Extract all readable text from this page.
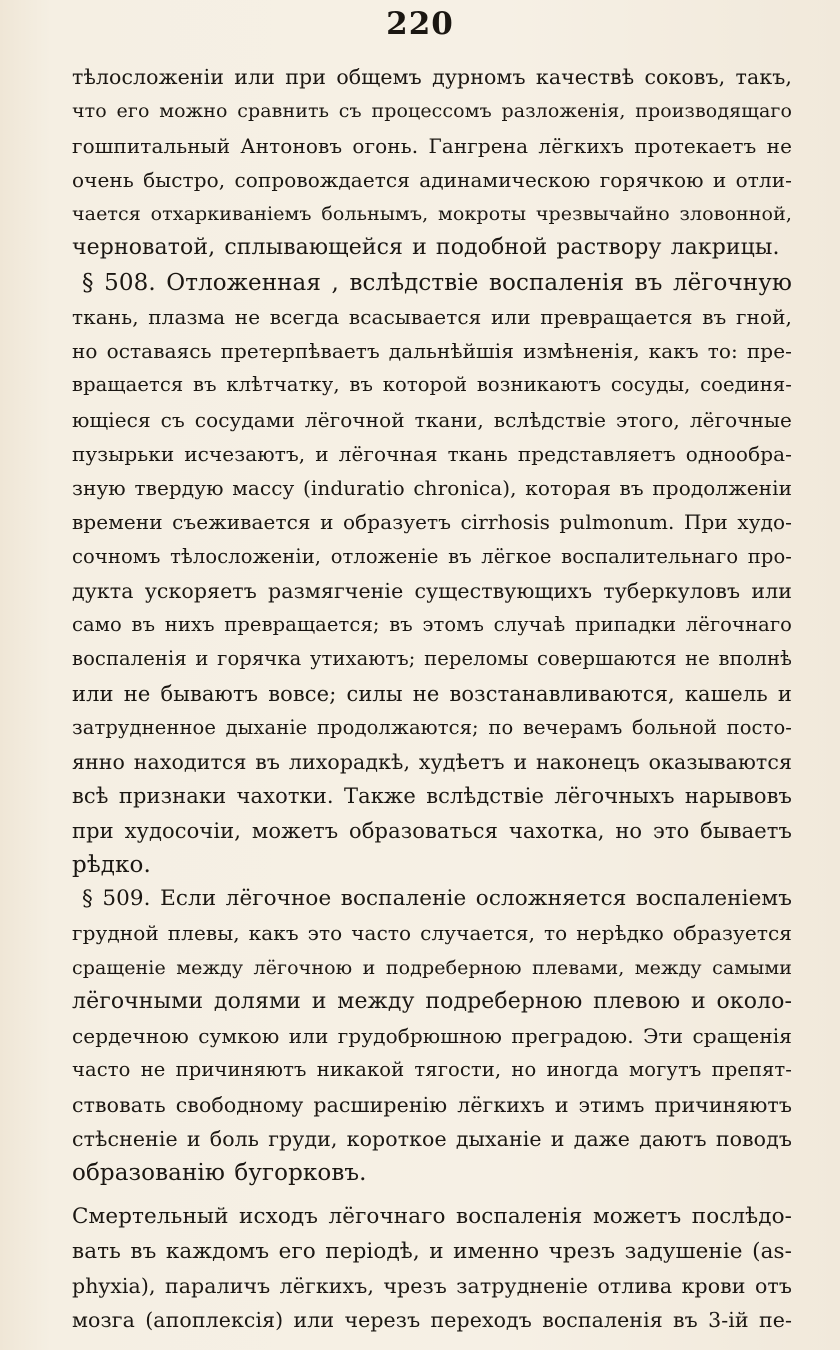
220
тѣлосложеніи или при общемъ дурномъ качествѣ соковъ, такъ,
что его можно сравнить съ процессомъ разложенія, производящаго
гошпитальный Антоновъ огонь. Гангрена лёгкихъ протекаетъ не
очень быстро, сопровождается адинамическою горячкою и отли-
чается отхаркиваніемъ больнымъ, мокроты чрезвычайно зловонной,
черноватой, сплывающейся и подобной раствору лакрицы.
§ 508. Отложенная , вслѣдствіе воспаленія въ лёгочную
ткань, плазма не всегда всасывается или превращается въ гной,
но оставаясь претерпѣваетъ дальнѣйшія измѣненія, какъ то: пре-
вращается въ клѣтчатку, въ которой возникаютъ сосуды, соединя-
ющіеся съ сосудами лёгочной ткани, вслѣдствіе этого, лёгочные
пузырьки исчезаютъ, и лёгочная ткань представляетъ однообра-
зную твердую массу (induratio chronica), которая въ продолженіи
времени съеживается и образуетъ cirrhosis pulmonum. При худо-
сочномъ тѣлосложеніи, отложеніе въ лёгкое воспалительнаго про-
дукта ускоряетъ размягченіе существующихъ туберкуловъ или
само въ нихъ превращается; въ этомъ случаѣ припадки лёгочнаго
воспаленія и горячка утихаютъ; переломы совершаются не вполнѣ
или не бываютъ вовсе; силы не возстанавливаются, кашель и
затрудненное дыханіе продолжаются; по вечерамъ больной посто-
янно находится въ лихорадкѣ, худѣетъ и наконецъ оказываются
всѣ признаки чахотки. Также вслѣдствіе лёгочныхъ нарывовъ
при худосочіи, можетъ образоваться чахотка, но это бываетъ
рѣдко.
§ 509. Если лёгочное воспаленіе осложняется воспаленіемъ
грудной плевы, какъ это часто случается, то нерѣдко образуется
сращеніе между лёгочною и подреберною плевами, между самыми
лёгочными долями и между подреберною плевою и около-
сердечною сумкою или грудобрюшною преградою. Эти сращенія
часто не причиняютъ никакой тягости, но иногда могутъ препят-
ствовать свободному расширенію лёгкихъ и этимъ причиняютъ
стѣсненіе и боль груди, короткое дыханіе и даже даютъ поводъ
образованію бугорковъ.
Смертельный исходъ лёгочнаго воспаленія можетъ послѣдо-
вать въ каждомъ его періодѣ, и именно чрезъ задушеніе (as-
phyxia), параличъ лёгкихъ, чрезъ затрудненіе отлива крови отъ
мозга (апоплексія) или черезъ переходъ воспаленія въ 3-ій пе-
